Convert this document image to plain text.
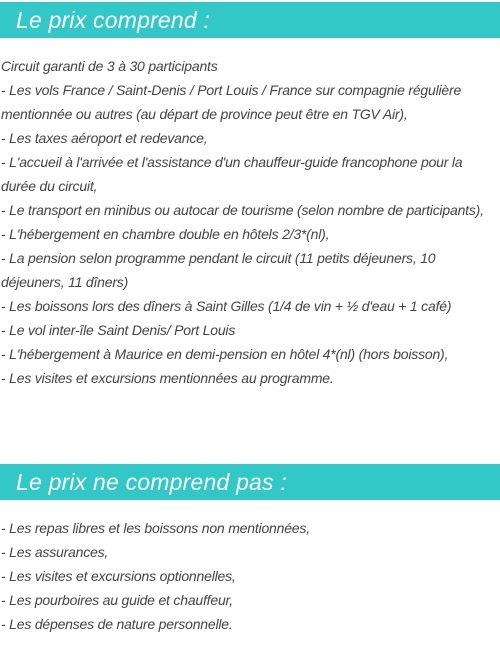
Le prix comprend :
Circuit garanti de 3 à 30 participants
- Les vols France / Saint-Denis / Port Louis / France sur compagnie régulière mentionnée ou autres (au départ de province peut être en TGV Air),
- Les taxes aéroport et redevance,
- L'accueil à l'arrivée et l'assistance d'un chauffeur-guide francophone pour la durée du circuit,
- Le transport en minibus ou autocar de tourisme (selon nombre de participants),
- L'hébergement en chambre double en hôtels 2/3*(nl),
- La pension selon programme pendant le circuit (11 petits déjeuners, 10 déjeuners, 11 dîners)
- Les boissons lors des dîners à Saint Gilles (1/4 de vin + ½ d'eau + 1 café)
- Le vol inter-île Saint Denis/ Port Louis
- L'hébergement à Maurice en demi-pension en hôtel 4*(nl) (hors boisson),
- Les visites et excursions mentionnées au programme.
Le prix ne comprend pas :
- Les repas libres et les boissons non mentionnées,
- Les assurances,
- Les visites et excursions optionnelles,
- Les pourboires au guide et chauffeur,
- Les dépenses de nature personnelle.
